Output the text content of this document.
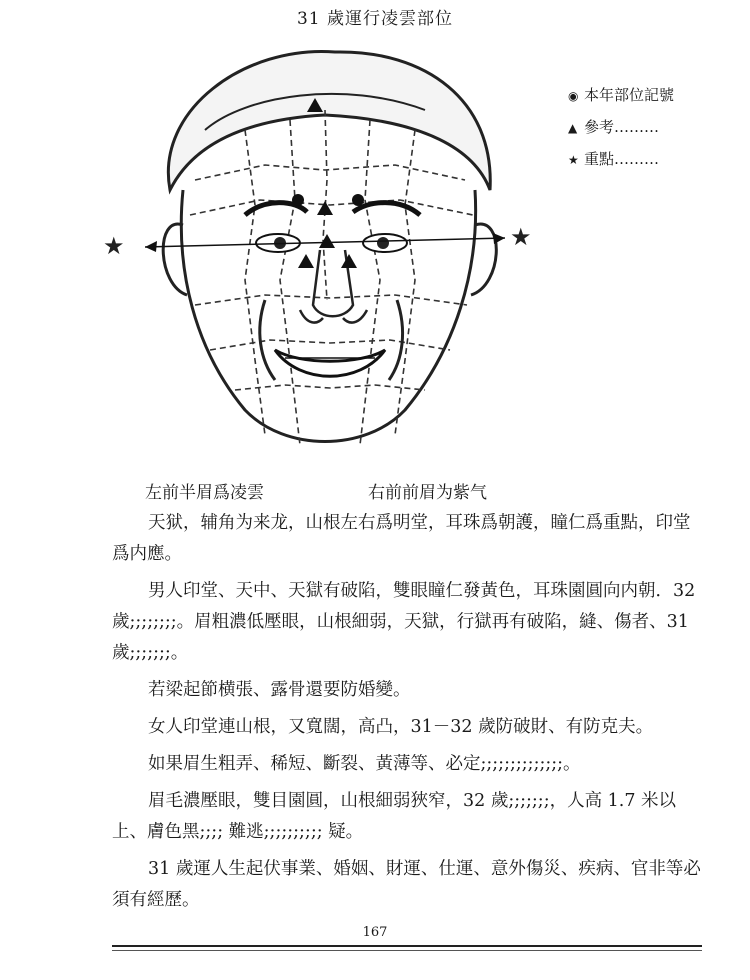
31 歲運行凌雲部位
★	★
◉ 本年部位記號
▲ 參考………
★ 重點………
左前半眉爲凌雲	右前前眉为紫气

天狱，辅角为来龙，山根左右爲明堂，耳珠爲朝護，瞳仁爲重點，印堂爲内應。

男人印堂、天中、天獄有破陷，雙眼瞳仁發黃色，耳珠園圓向内朝．32 歲;;;;;;;;。眉粗濃低壓眼，山根細弱，天獄，行獄再有破陷，縫、傷者、31 歲;;;;;;;。

若梁起節横張、露骨還要防婚變。

女人印堂連山根，又寬闊，高凸，31－32 歲防破財、有防克夫。

如果眉生粗弄、稀短、斷裂、黃薄等、必定;;;;;;;;;;;;;;。

眉毛濃壓眼，雙目園圓，山根細弱狹窄，32 歲;;;;;;;，人高 1.7 米以上、膚色黑;;;; 難逃;;;;;;;;;; 疑。

31 歲運人生起伏事業、婚姻、財運、仕運、意外傷災、疾病、官非等必須有經歷。

167
